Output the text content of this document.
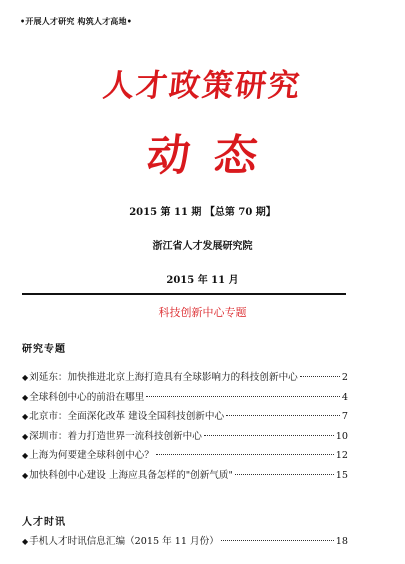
•开展人才研究 构筑人才高地•
人才政策研究
动态
2015 第 11 期 【总第 70 期】
浙江省人才发展研究院
2015 年 11 月
科技创新中心专题
研究专题
◆ 刘延东：加快推进北京上海打造具有全球影响力的科技创新中心	2
◆ 全球科创中心的前沿在哪里	4
◆ 北京市：全面深化改革 建设全国科技创新中心	7
◆ 深圳市：着力打造世界一流科技创新中心	10
◆ 上海为何要建全球科创中心？	12
◆ 加快科创中心建设 上海应具备怎样的"创新气质"	15
人才时讯
◆ 手机人才时讯信息汇编（2015 年 11 月份）	18
